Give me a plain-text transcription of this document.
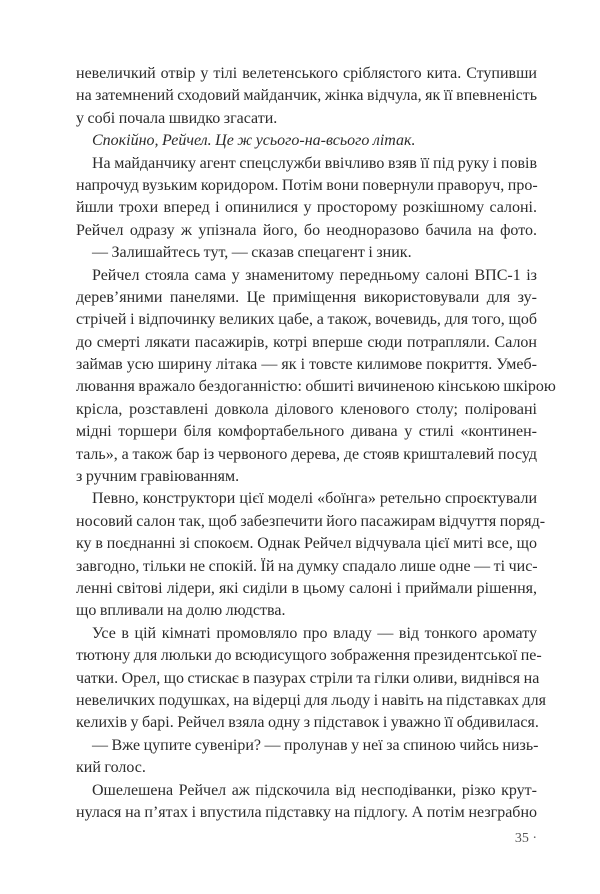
невеличкий отвір у тілі велетенського сріблястого кита. Ступивши
на затемнений сходовий майданчик, жінка відчула, як її впевненість
у собі почала швидко згасати.
Спокійно, Рейчел. Це ж усього-на-всього літак.
На майданчику агент спецслужби ввічливо взяв її під руку і повів
напрочуд вузьким коридором. Потім вони повернули праворуч, про-
йшли трохи вперед і опинилися у просторому розкішному салоні.
Рейчел одразу ж упізнала його, бо неодноразово бачила на фото.
— Залишайтесь тут, — сказав спецагент і зник.
Рейчел стояла сама у знаменитому передньому салоні ВПС-1 із
дерев’яними панелями. Це приміщення використовували для зу-
стрічей і відпочинку великих цабе, а також, вочевидь, для того, щоб
до смерті лякати пасажирів, котрі вперше сюди потрапляли. Салон
займав усю ширину літака — як і товсте килимове покриття. Умеб-
лювання вражало бездоганністю: обшиті вичиненою кінською шкірою
крісла, розставлені довкола ділового кленового столу; поліровані
мідні торшери біля комфортабельного дивана у стилі «континен-
таль», а також бар із червоного дерева, де стояв кришталевий посуд
з ручним гравіюванням.
Певно, конструктори цієї моделі «боїнга» ретельно спроєктували
носовий салон так, щоб забезпечити його пасажирам відчуття поряд-
ку в поєднанні зі спокоєм. Однак Рейчел відчувала цієї миті все, що
завгодно, тільки не спокій. Їй на думку спадало лише одне — ті чис-
ленні світові лідери, які сиділи в цьому салоні і приймали рішення,
що впливали на долю людства.
Усе в цій кімнаті промовляло про владу — від тонкого аромату
тютюну для люльки до всюдисущого зображення президентської пе-
чатки. Орел, що стискає в пазурах стріли та гілки оливи, виднівся на
невеличких подушках, на відерці для льоду і навіть на підставках для
келихів у барі. Рейчел взяла одну з підставок і уважно її обдивилася.
— Вже цупите сувеніри? — пролунав у неї за спиною чийсь низь-
кий голос.
Ошелешена Рейчел аж підскочила від несподіванки, різко крут-
нулася на п’ятах і впустила підставку на підлогу. А потім незграбно
35 ·
